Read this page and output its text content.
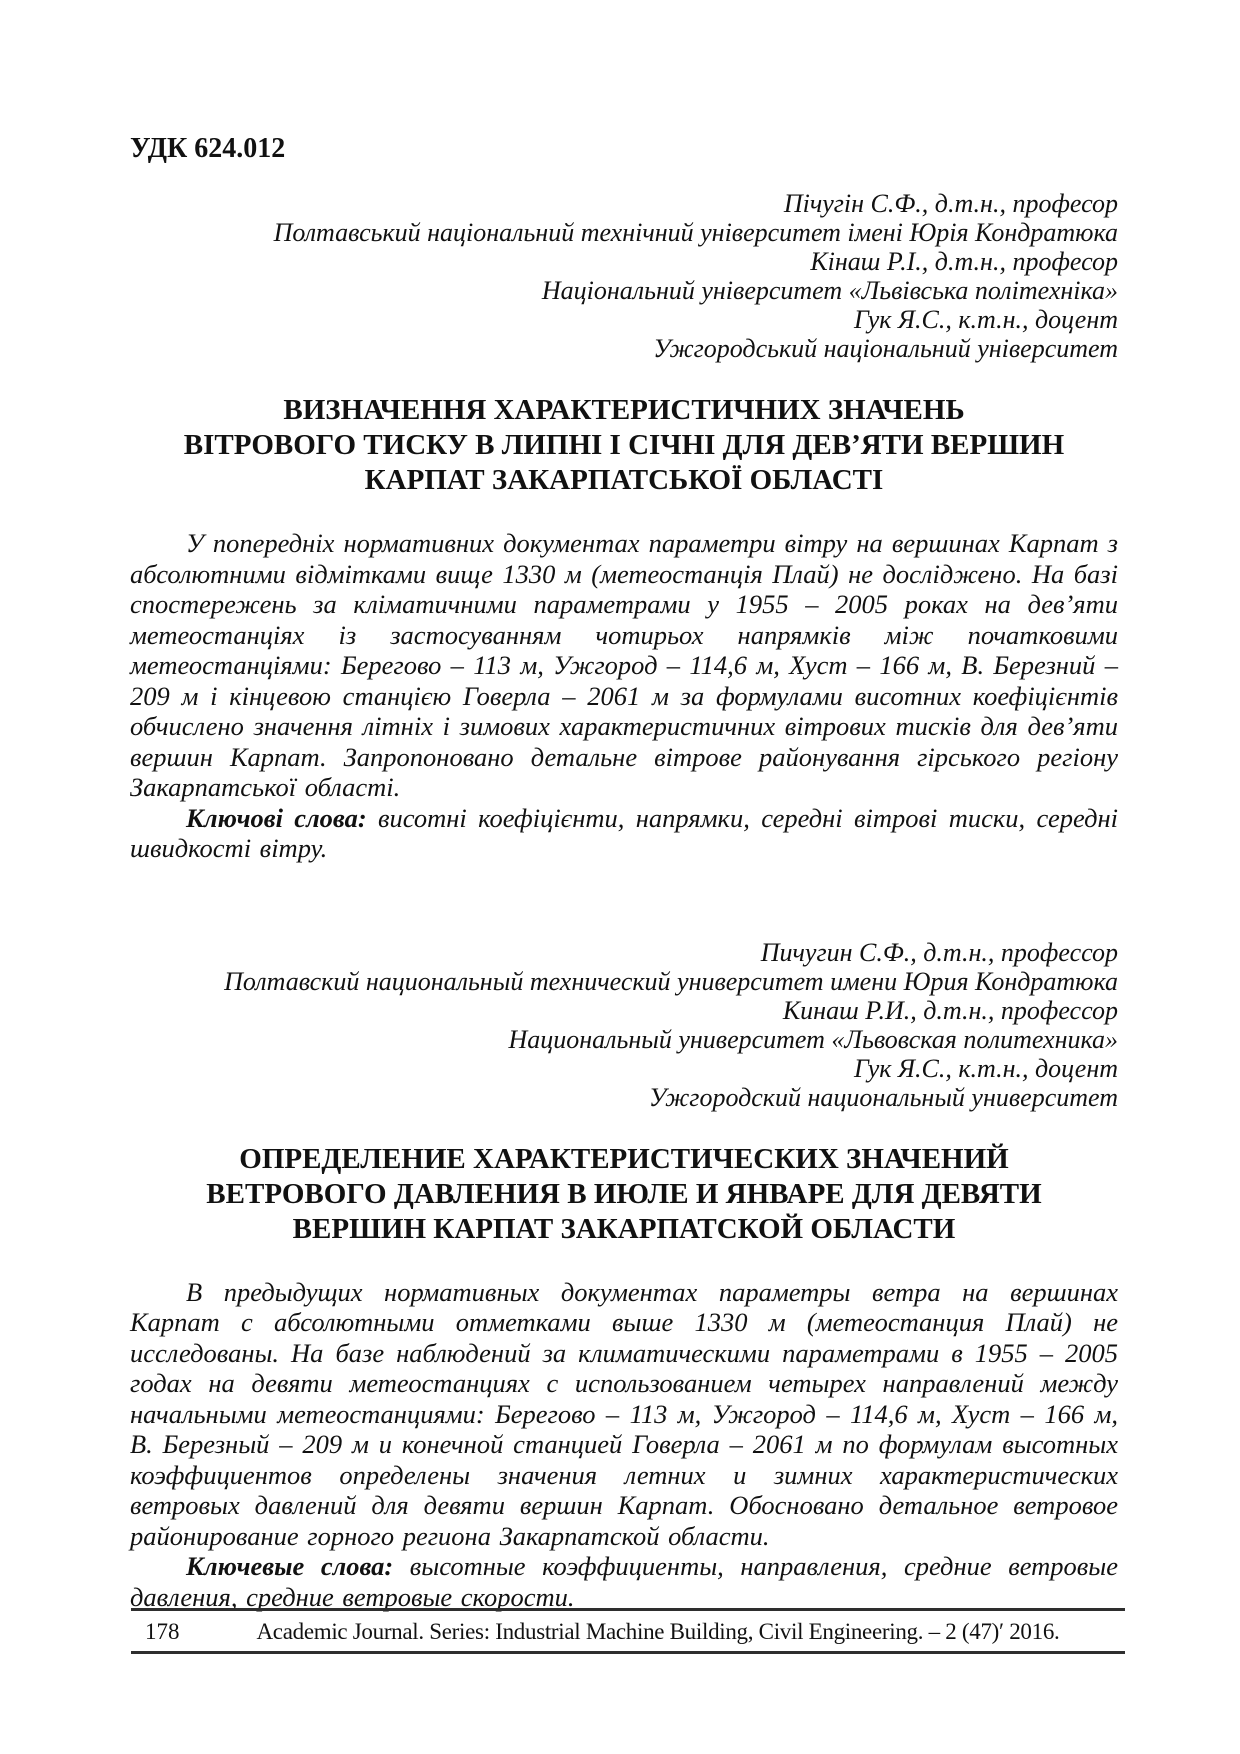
УДК 624.012
Пічугін С.Ф., д.т.н., професор
Полтавський національний технічний університет імені Юрія Кондратюка
Кінаш Р.І., д.т.н., професор
Національний університет «Львівська політехніка»
Гук Я.С., к.т.н., доцент
Ужгородський національний університет
ВИЗНАЧЕННЯ ХАРАКТЕРИСТИЧНИХ ЗНАЧЕНЬ
ВІТРОВОГО ТИСКУ В ЛИПНІ І СІЧНІ ДЛЯ ДЕВ’ЯТИ ВЕРШИН
КАРПАТ ЗАКАРПАТСЬКОЇ ОБЛАСТІ

У попередніх нормативних документах параметри вітру на вершинах Карпат з абсолютними відмітками вище 1330 м (метеостанція Плай) не досліджено. На базі спостережень за кліматичними параметрами у 1955 – 2005 роках на дев’яти метеостанціях із застосуванням чотирьох напрямків між початковими метеостанціями: Берегово – 113 м, Ужгород – 114,6 м, Хуст – 166 м, В. Березний – 209 м і кінцевою станцією Говерла – 2061 м за формулами висотних коефіцієнтів обчислено значення літніх і зимових характеристичних вітрових тисків для дев’яти вершин Карпат. Запропоновано детальне вітрове районування гірського регіону Закарпатської області.

Ключові слова: висотні коефіцієнти, напрямки, середні вітрові тиски, середні швидкості вітру.

Пичугин С.Ф., д.т.н., профессор
Полтавский национальный технический университет имени Юрия Кондратюка
Кинаш Р.И., д.т.н., профессор
Национальный университет «Львовская политехника»
Гук Я.С., к.т.н., доцент
Ужгородский национальный университет
ОПРЕДЕЛЕНИЕ ХАРАКТЕРИСТИЧЕСКИХ ЗНАЧЕНИЙ
ВЕТРОВОГО ДАВЛЕНИЯ В ИЮЛЕ И ЯНВАРЕ ДЛЯ ДЕВЯТИ
ВЕРШИН КАРПАТ ЗАКАРПАТСКОЙ ОБЛАСТИ

В предыдущих нормативных документах параметры ветра на вершинах Карпат с абсолютными отметками выше 1330 м (метеостанция Плай) не исследованы. На базе наблюдений за климатическими параметрами в 1955 – 2005 годах на девяти метеостанциях с использованием четырех направлений между начальными метеостанциями: Берегово – 113 м, Ужгород – 114,6 м, Хуст – 166 м, В. Березный – 209 м и конечной станцией Говерла – 2061 м по формулам высотных коэффициентов определены значения летних и зимних характеристических ветровых давлений для девяти вершин Карпат. Обосновано детальное ветровое районирование горного региона Закарпатской области.

Ключевые слова: высотные коэффициенты, направления, средние ветровые давления, средние ветровые скорости.

178	Academic Journal. Series: Industrial Machine Building, Civil Engineering. – 2 (47)′ 2016.
